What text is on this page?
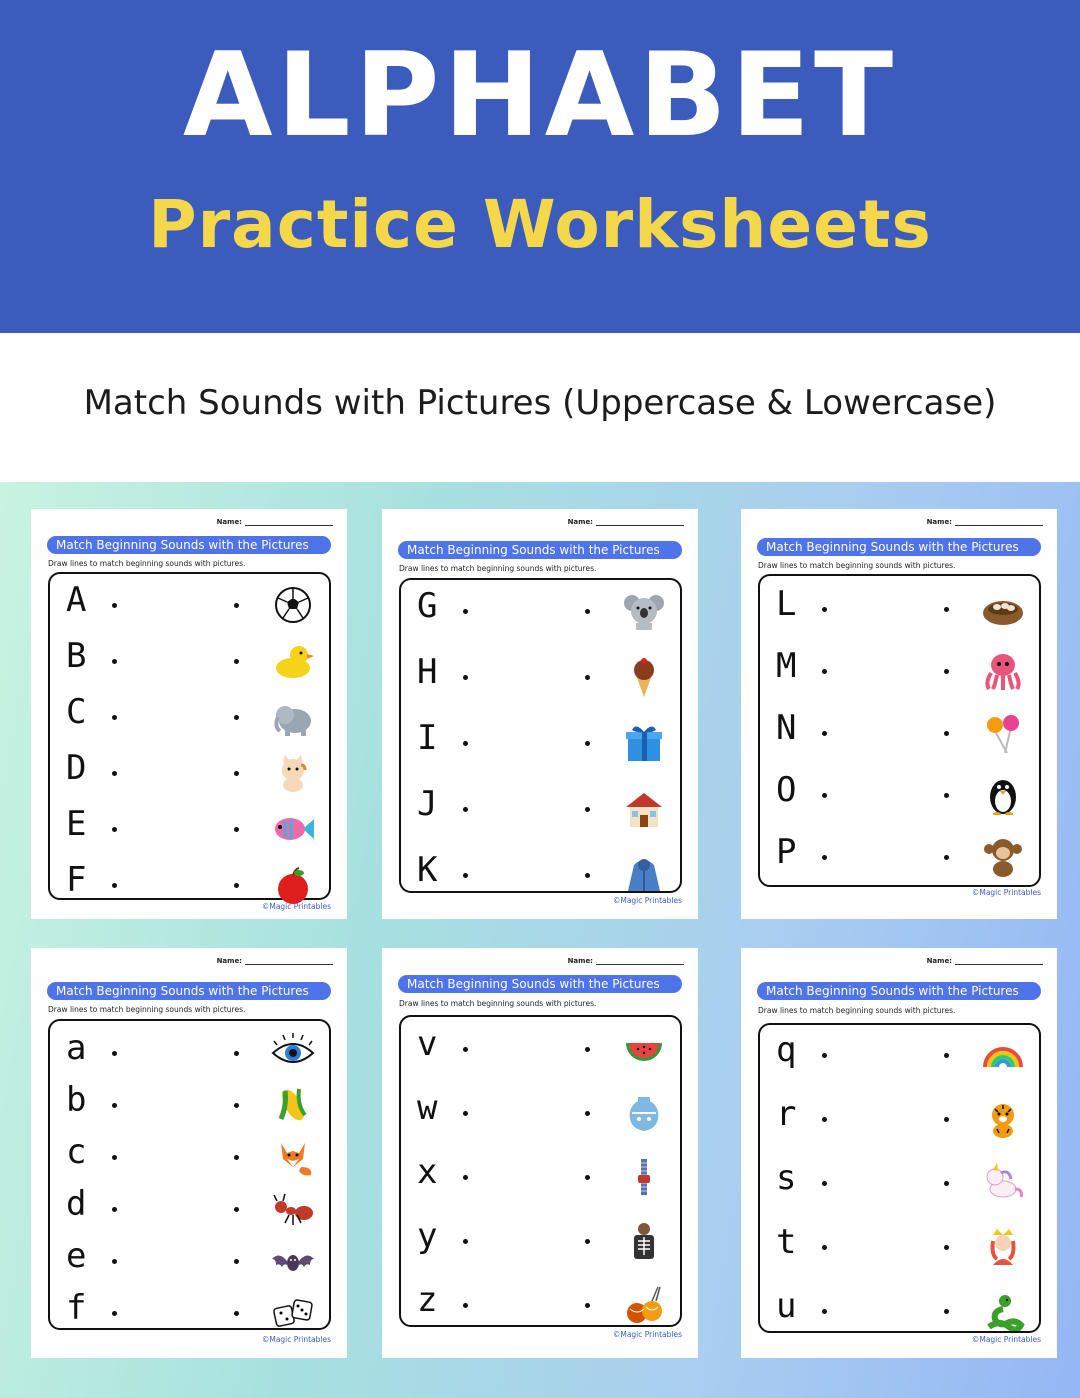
ALPHABET
Practice Worksheets
Match Sounds with Pictures (Uppercase & Lowercase)
Name:
Match Beginning Sounds with the Pictures
Draw lines to match beginning sounds with pictures.
A
B
C
D
E
F
©Magic Printables
Name:
Match Beginning Sounds with the Pictures
Draw lines to match beginning sounds with pictures.
G
H
I
J
K
©Magic Printables
Name:
Match Beginning Sounds with the Pictures
Draw lines to match beginning sounds with pictures.
L
M
N
O
P
©Magic Printables
Name:
Match Beginning Sounds with the Pictures
Draw lines to match beginning sounds with pictures.
a
b
c
d
e
f
©Magic Printables
Name:
Match Beginning Sounds with the Pictures
Draw lines to match beginning sounds with pictures.
v
w
x
y
z
©Magic Printables
Name:
Match Beginning Sounds with the Pictures
Draw lines to match beginning sounds with pictures.
q
r
s
t
u
©Magic Printables
